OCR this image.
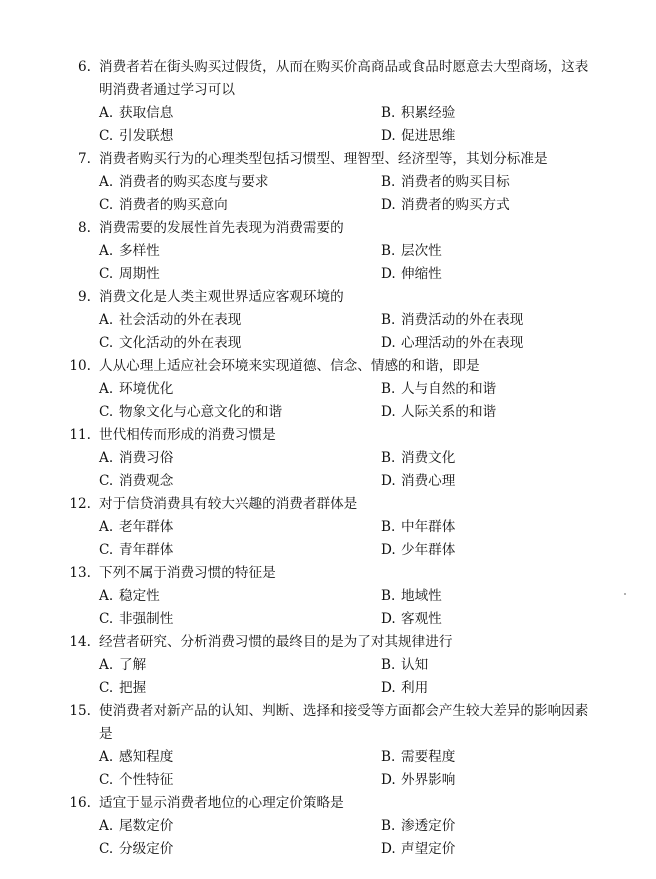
6. 消费者若在街头购买过假货，从而在购买价高商品或食品时愿意去大型商场，这表
明消费者通过学习可以
A. 获取信息	B. 积累经验
C. 引发联想	D. 促进思维
7. 消费者购买行为的心理类型包括习惯型、理智型、经济型等，其划分标准是
A. 消费者的购买态度与要求	B. 消费者的购买目标
C. 消费者的购买意向	D. 消费者的购买方式
8. 消费需要的发展性首先表现为消费需要的
A. 多样性	B. 层次性
C. 周期性	D. 伸缩性
9. 消费文化是人类主观世界适应客观环境的
A. 社会活动的外在表现	B. 消费活动的外在表现
C. 文化活动的外在表现	D. 心理活动的外在表现
10. 人从心理上适应社会环境来实现道德、信念、情感的和谐，即是
A. 环境优化	B. 人与自然的和谐
C. 物象文化与心意文化的和谐	D. 人际关系的和谐
11. 世代相传而形成的消费习惯是
A. 消费习俗	B. 消费文化
C. 消费观念	D. 消费心理
12. 对于信贷消费具有较大兴趣的消费者群体是
A. 老年群体	B. 中年群体
C. 青年群体	D. 少年群体
13. 下列不属于消费习惯的特征是
A. 稳定性	B. 地域性
C. 非强制性	D. 客观性
14. 经营者研究、分析消费习惯的最终目的是为了对其规律进行
A. 了解	B. 认知
C. 把握	D. 利用
15. 使消费者对新产品的认知、判断、选择和接受等方面都会产生较大差异的影响因素
是
A. 感知程度	B. 需要程度
C. 个性特征	D. 外界影响
16. 适宜于显示消费者地位的心理定价策略是
A. 尾数定价	B. 渗透定价
C. 分级定价	D. 声望定价
